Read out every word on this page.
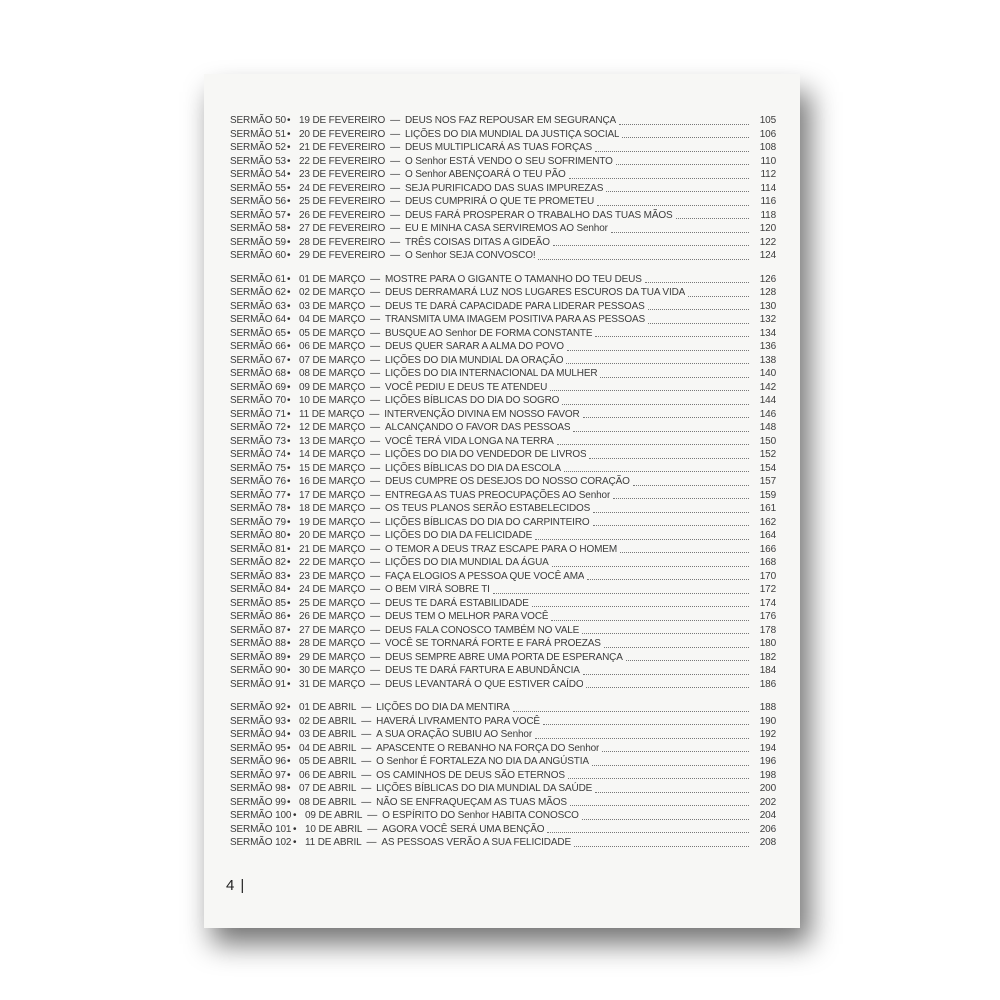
SERMÃO 50 • 19 DE FEVEREIRO — DEUS NOS FAZ REPOUSAR EM SEGURANÇA	105
SERMÃO 51 • 20 DE FEVEREIRO — LIÇÕES DO DIA MUNDIAL DA JUSTIÇA SOCIAL	106
SERMÃO 52 • 21 DE FEVEREIRO — DEUS MULTIPLICARÁ AS TUAS FORÇAS	108
SERMÃO 53 • 22 DE FEVEREIRO — O Senhor ESTÁ VENDO O SEU SOFRIMENTO	110
SERMÃO 54 • 23 DE FEVEREIRO — O Senhor ABENÇOARÁ O TEU PÃO	112
SERMÃO 55 • 24 DE FEVEREIRO — SEJA PURIFICADO DAS SUAS IMPUREZAS	114
SERMÃO 56 • 25 DE FEVEREIRO — DEUS CUMPRIRÁ O QUE TE PROMETEU	116
SERMÃO 57 • 26 DE FEVEREIRO — DEUS FARÁ PROSPERAR O TRABALHO DAS TUAS MÃOS	118
SERMÃO 58 • 27 DE FEVEREIRO — EU E MINHA CASA SERVIREMOS AO Senhor	120
SERMÃO 59 • 28 DE FEVEREIRO — TRÊS COISAS DITAS A GIDEÃO	122
SERMÃO 60 • 29 DE FEVEREIRO — O Senhor SEJA CONVOSCO!	124
SERMÃO 61 • 01 DE MARÇO — MOSTRE PARA O GIGANTE O TAMANHO DO TEU DEUS	126
SERMÃO 62 • 02 DE MARÇO — DEUS DERRAMARÁ LUZ NOS LUGARES ESCUROS DA TUA VIDA	128
SERMÃO 63 • 03 DE MARÇO — DEUS TE DARÁ CAPACIDADE PARA LIDERAR PESSOAS	130
SERMÃO 64 • 04 DE MARÇO — TRANSMITA UMA IMAGEM POSITIVA PARA AS PESSOAS	132
SERMÃO 65 • 05 DE MARÇO — BUSQUE AO Senhor DE FORMA CONSTANTE	134
SERMÃO 66 • 06 DE MARÇO — DEUS QUER SARAR A ALMA DO POVO	136
SERMÃO 67 • 07 DE MARÇO — LIÇÕES DO DIA MUNDIAL DA ORAÇÃO	138
SERMÃO 68 • 08 DE MARÇO — LIÇÕES DO DIA INTERNACIONAL DA MULHER	140
SERMÃO 69 • 09 DE MARÇO — VOCÊ PEDIU E DEUS TE ATENDEU	142
SERMÃO 70 • 10 DE MARÇO — LIÇÕES BÍBLICAS DO DIA DO SOGRO	144
SERMÃO 71 • 11 DE MARÇO — INTERVENÇÃO DIVINA EM NOSSO FAVOR	146
SERMÃO 72 • 12 DE MARÇO — ALCANÇANDO O FAVOR DAS PESSOAS	148
SERMÃO 73 • 13 DE MARÇO — VOCÊ TERÁ VIDA LONGA NA TERRA	150
SERMÃO 74 • 14 DE MARÇO — LIÇÕES DO DIA DO VENDEDOR DE LIVROS	152
SERMÃO 75 • 15 DE MARÇO — LIÇÕES BÍBLICAS DO DIA DA ESCOLA	154
SERMÃO 76 • 16 DE MARÇO — DEUS CUMPRE OS DESEJOS DO NOSSO CORAÇÃO	157
SERMÃO 77 • 17 DE MARÇO — ENTREGA AS TUAS PREOCUPAÇÕES AO Senhor	159
SERMÃO 78 • 18 DE MARÇO — OS TEUS PLANOS SERÃO ESTABELECIDOS	161
SERMÃO 79 • 19 DE MARÇO — LIÇÕES BÍBLICAS DO DIA DO CARPINTEIRO	162
SERMÃO 80 • 20 DE MARÇO — LIÇÕES DO DIA DA FELICIDADE	164
SERMÃO 81 • 21 DE MARÇO — O TEMOR A DEUS TRAZ ESCAPE PARA O HOMEM	166
SERMÃO 82 • 22 DE MARÇO — LIÇÕES DO DIA MUNDIAL DA ÁGUA	168
SERMÃO 83 • 23 DE MARÇO — FAÇA ELOGIOS A PESSOA QUE VOCÊ AMA	170
SERMÃO 84 • 24 DE MARÇO — O BEM VIRÁ SOBRE TI	172
SERMÃO 85 • 25 DE MARÇO — DEUS TE DARÁ ESTABILIDADE	174
SERMÃO 86 • 26 DE MARÇO — DEUS TEM O MELHOR PARA VOCÊ	176
SERMÃO 87 • 27 DE MARÇO — DEUS FALA CONOSCO TAMBÉM NO VALE	178
SERMÃO 88 • 28 DE MARÇO — VOCÊ SE TORNARÁ FORTE E FARÁ PROEZAS	180
SERMÃO 89 • 29 DE MARÇO — DEUS SEMPRE ABRE UMA PORTA DE ESPERANÇA	182
SERMÃO 90 • 30 DE MARÇO — DEUS TE DARÁ FARTURA E ABUNDÂNCIA	184
SERMÃO 91 • 31 DE MARÇO — DEUS LEVANTARÁ O QUE ESTIVER CAÍDO	186
SERMÃO 92 • 01 DE ABRIL — LIÇÕES DO DIA DA MENTIRA	188
SERMÃO 93 • 02 DE ABRIL — HAVERÁ LIVRAMENTO PARA VOCÊ	190
SERMÃO 94 • 03 DE ABRIL — A SUA ORAÇÃO SUBIU AO Senhor	192
SERMÃO 95 • 04 DE ABRIL — APASCENTE O REBANHO NA FORÇA DO Senhor	194
SERMÃO 96 • 05 DE ABRIL — O Senhor É FORTALEZA NO DIA DA ANGÚSTIA	196
SERMÃO 97 • 06 DE ABRIL — OS CAMINHOS DE DEUS SÃO ETERNOS	198
SERMÃO 98 • 07 DE ABRIL — LIÇÕES BÍBLICAS DO DIA MUNDIAL DA SAÚDE	200
SERMÃO 99 • 08 DE ABRIL — NÃO SE ENFRAQUEÇAM AS TUAS MÃOS	202
SERMÃO 100 • 09 DE ABRIL — O ESPÍRITO DO Senhor HABITA CONOSCO	204
SERMÃO 101 • 10 DE ABRIL — AGORA VOCÊ SERÁ UMA BENÇÃO	206
SERMÃO 102 • 11 DE ABRIL — AS PESSOAS VERÃO A SUA FELICIDADE	208
4 |
